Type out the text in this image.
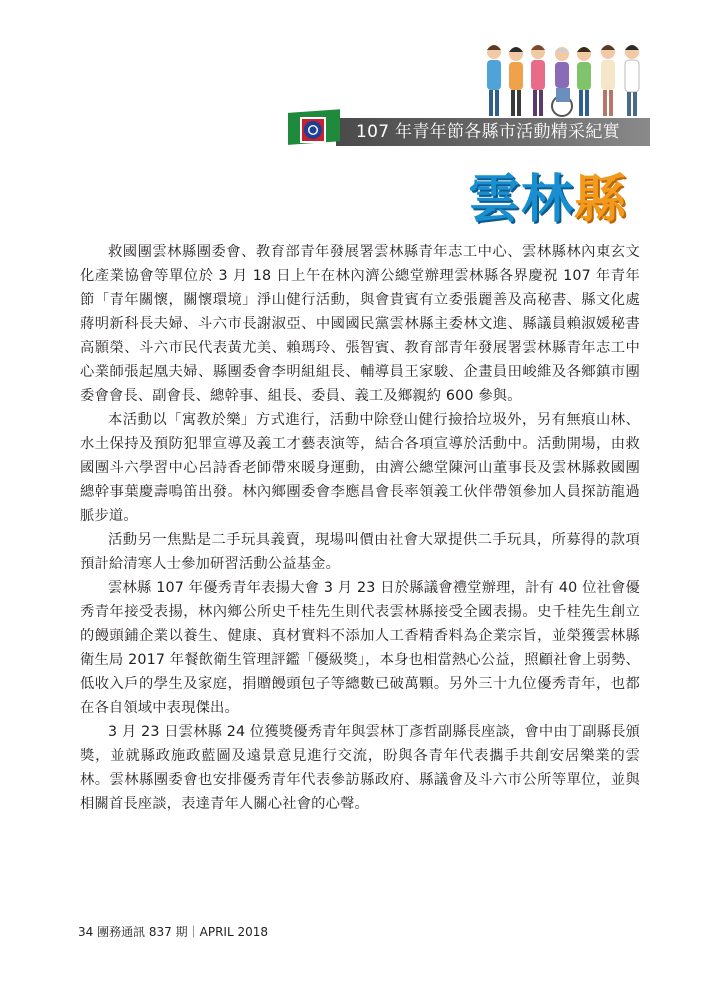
107 年青年節各縣市活動精采紀實
雲林縣

救國團雲林縣團委會、教育部青年發展署雲林縣青年志工中心、雲林縣林內東玄文化產業協會等單位於 3 月 18 日上午在林內濟公總堂辦理雲林縣各界慶祝 107 年青年節「青年關懷，關懷環境」淨山健行活動，與會貴賓有立委張麗善及高秘書、縣文化處蔣明新科長夫婦、斗六市長謝淑亞、中國國民黨雲林縣主委林文進、縣議員賴淑媛秘書高顥榮、斗六市民代表黃尤美、賴瑪玲、張智賓、教育部青年發展署雲林縣青年志工中心業師張起凰夫婦、縣團委會李明組組長、輔導員王家駿、企畫員田峻維及各鄉鎮市團委會會長、副會長、總幹事、組長、委員、義工及鄉親約 600 參與。

本活動以「寓教於樂」方式進行，活動中除登山健行撿拾垃圾外，另有無痕山林、水土保持及預防犯罪宣導及義工才藝表演等，結合各項宣導於活動中。活動開場，由救國團斗六學習中心呂詩香老師帶來暖身運動，由濟公總堂陳河山董事長及雲林縣救國團總幹事葉慶壽鳴笛出發。林內鄉團委會李應昌會長率領義工伙伴帶領參加人員探訪龍過脈步道。

活動另一焦點是二手玩具義賣，現場叫價由社會大眾提供二手玩具，所募得的款項預計給清寒人士參加研習活動公益基金。

雲林縣 107 年優秀青年表揚大會 3 月 23 日於縣議會禮堂辦理，計有 40 位社會優秀青年接受表揚，林內鄉公所史千桂先生則代表雲林縣接受全國表揚。史千桂先生創立的饅頭鋪企業以養生、健康、真材實料不添加人工香精香料為企業宗旨，並榮獲雲林縣衛生局 2017 年餐飲衛生管理評鑑「優級獎」，本身也相當熱心公益，照顧社會上弱勢、低收入戶的學生及家庭，捐贈饅頭包子等總數已破萬顆。另外三十九位優秀青年，也都在各自領域中表現傑出。

3 月 23 日雲林縣 24 位獲獎優秀青年與雲林丁彥哲副縣長座談，會中由丁副縣長頒獎，並就縣政施政藍圖及遠景意見進行交流，盼與各青年代表攜手共創安居樂業的雲林。雲林縣團委會也安排優秀青年代表參訪縣政府、縣議會及斗六市公所等單位，並與相關首長座談，表達青年人關心社會的心聲。

34 團務通訊 837 期｜APRIL 2018
